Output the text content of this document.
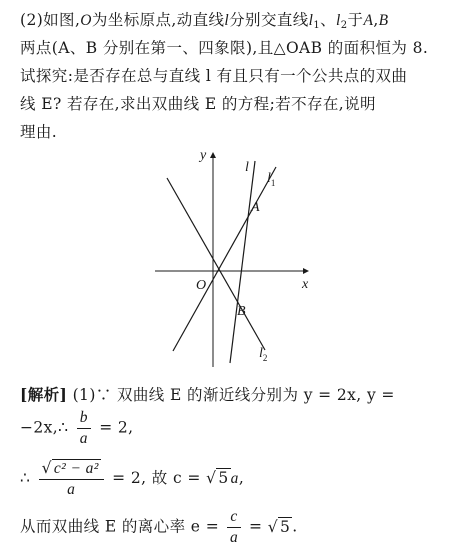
(2)如图,O为坐标原点,动直线l分别交直线$l_1$、$l_2$于A,B
两点(A、B 分别在第一、四象限),且△OAB 的面积恒为 8.
试探究:是否存在总与直线 l 有且只有一个公共点的双曲
线 E? 若存在,求出双曲线 E 的方程;若不存在,说明
理由.
y
x
O
l
$l_1$
A
B
$l_2$
[解析] (1)∵ 双曲线 E 的渐近线分别为 y = 2x, y =
−2x,∴ $\frac{b}{a} = 2$,
∴ $\frac{\text{√ c² − a²}}{a} = 2$, 故 c = √ 5 a,
从而双曲线 E 的离心率 $e = \frac{c}{a}$ = √ 5 .
